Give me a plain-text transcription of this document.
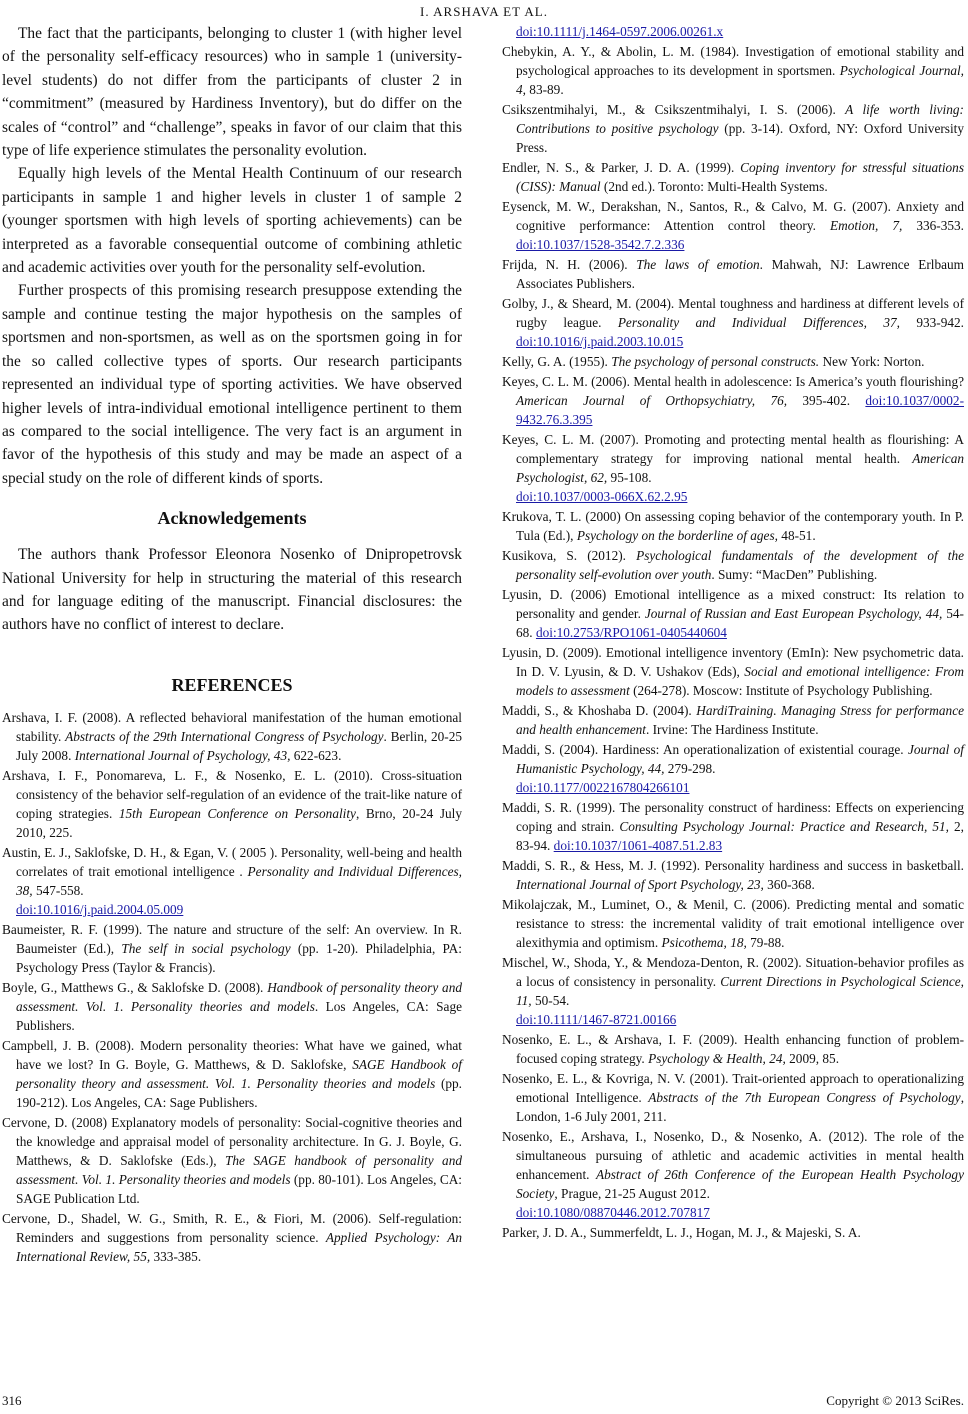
I. ARSHAVA ET AL.

The fact that the participants, belonging to cluster 1 (with higher level of the personality self-efficacy resources) who in sample 1 (university-level students) do not differ from the participants of cluster 2 in “commitment” (measured by Hardiness Inventory), but do differ on the scales of “control” and “challenge”, speaks in favor of our claim that this type of life experience stimulates the personality evolution.

Equally high levels of the Mental Health Continuum of our research participants in sample 1 and higher levels in cluster 1 of sample 2 (younger sportsmen with high levels of sporting achievements) can be interpreted as a favorable consequential outcome of combining athletic and academic activities over youth for the personality self-evolution.

Further prospects of this promising research presuppose extending the sample and continue testing the major hypothesis on the samples of sportsmen and non-sportsmen, as well as on the sportsmen going in for the so called collective types of sports. Our research participants represented an individual type of sporting activities. We have observed higher levels of intra-individual emotional intelligence pertinent to them as compared to the social intelligence. The very fact is an argument in favor of the hypothesis of this study and may be made an aspect of a special study on the role of different kinds of sports.

Acknowledgements

The authors thank Professor Eleonora Nosenko of Dnipropetrovsk National University for help in structuring the material of this research and for language editing of the manuscript. Financial disclosures: the authors have no conflict of interest to declare.

REFERENCES

Arshava, I. F. (2008). A reflected behavioral manifestation of the human emotional stability. Abstracts of the 29th International Congress of Psychology. Berlin, 20-25 July 2008. International Journal of Psychology, 43, 622-623.

Arshava, I. F., Ponomareva, L. F., & Nosenko, E. L. (2010). Cross-situation consistency of the behavior self-regulation of an evidence of the trait-like nature of coping strategies. 15th European Conference on Personality, Brno, 20-24 July 2010, 225.

Austin, E. J., Saklofske, D. H., & Egan, V. ( 2005 ). Personality, well-being and health correlates of trait emotional intelligence . Personality and Individual Differences, 38, 547-558.
doi:10.1016/j.paid.2004.05.009

Baumeister, R. F. (1999). The nature and structure of the self: An overview. In R. Baumeister (Ed.), The self in social psychology (pp. 1-20). Philadelphia, PA: Psychology Press (Taylor & Francis).

Boyle, G., Matthews G., & Saklofske D. (2008). Handbook of personality theory and assessment. Vol. 1. Personality theories and models. Los Angeles, CA: Sage Publishers.

Campbell, J. B. (2008). Modern personality theories: What have we gained, what have we lost? In G. Boyle, G. Matthews, & D. Saklofske, SAGE Handbook of personality theory and assessment. Vol. 1. Personality theories and models (pp. 190-212). Los Angeles, CA: Sage Publishers.

Cervone, D. (2008) Explanatory models of personality: Social-cognitive theories and the knowledge and appraisal model of personality architecture. In G. J. Boyle, G. Matthews, & D. Saklofske (Eds.), The SAGE handbook of personality and assessment. Vol. 1. Personality theories and models (pp. 80-101). Los Angeles, CA: SAGE Publication Ltd.

Cervone, D., Shadel, W. G., Smith, R. E., & Fiori, M. (2006). Self-regulation: Reminders and suggestions from personality science. Applied Psychology: An International Review, 55, 333-385.

doi:10.1111/j.1464-0597.2006.00261.x

Chebykin, A. Y., & Abolin, L. M. (1984). Investigation of emotional stability and psychological approaches to its development in sportsmen. Psychological Journal, 4, 83-89.

Csikszentmihalyi, M., & Csikszentmihalyi, I. S. (2006). A life worth living: Contributions to positive psychology (pp. 3-14). Oxford, NY: Oxford University Press.

Endler, N. S., & Parker, J. D. A. (1999). Coping inventory for stressful situations (CISS): Manual (2nd ed.). Toronto: Multi-Health Systems.

Eysenck, M. W., Derakshan, N., Santos, R., & Calvo, M. G. (2007). Anxiety and cognitive performance: Attention control theory. Emotion, 7, 336-353. doi:10.1037/1528-3542.7.2.336

Frijda, N. H. (2006). The laws of emotion. Mahwah, NJ: Lawrence Erlbaum Associates Publishers.

Golby, J., & Sheard, M. (2004). Mental toughness and hardiness at different levels of rugby league. Personality and Individual Differences, 37, 933-942. doi:10.1016/j.paid.2003.10.015

Kelly, G. A. (1955). The psychology of personal constructs. New York: Norton.

Keyes, C. L. M. (2006). Mental health in adolescence: Is America’s youth flourishing? American Journal of Orthopsychiatry, 76, 395-402. doi:10.1037/0002-9432.76.3.395

Keyes, C. L. M. (2007). Promoting and protecting mental health as flourishing: A complementary strategy for improving national mental health. American Psychologist, 62, 95-108.
doi:10.1037/0003-066X.62.2.95

Krukova, T. L. (2000) On assessing coping behavior of the contemporary youth. In P. Tula (Ed.), Psychology on the borderline of ages, 48-51.

Kusikova, S. (2012). Psychological fundamentals of the development of the personality self-evolution over youth. Sumy: “MacDen” Publishing.

Lyusin, D. (2006) Emotional intelligence as a mixed construct: Its relation to personality and gender. Journal of Russian and East European Psychology, 44, 54-68. doi:10.2753/RPO1061-0405440604

Lyusin, D. (2009). Emotional intelligence inventory (EmIn): New psychometric data. In D. V. Lyusin, & D. V. Ushakov (Eds), Social and emotional intelligence: From models to assessment (264-278). Moscow: Institute of Psychology Publishing.

Maddi, S., & Khoshaba D. (2004). HardiTraining. Managing Stress for performance and health enhancement. Irvine: The Hardiness Institute.

Maddi, S. (2004). Hardiness: An operationalization of existential courage. Journal of Humanistic Psychology, 44, 279-298.
doi:10.1177/0022167804266101

Maddi, S. R. (1999). The personality construct of hardiness: Effects on experiencing coping and strain. Consulting Psychology Journal: Practice and Research, 51, 2, 83-94. doi:10.1037/1061-4087.51.2.83

Maddi, S. R., & Hess, M. J. (1992). Personality hardiness and success in basketball. International Journal of Sport Psychology, 23, 360-368.

Mikolajczak, M., Luminet, O., & Menil, C. (2006). Predicting mental and somatic resistance to stress: the incremental validity of trait emotional intelligence over alexithymia and optimism. Psicothema, 18, 79-88.

Mischel, W., Shoda, Y., & Mendoza-Denton, R. (2002). Situation-behavior profiles as a locus of consistency in personality. Current Directions in Psychological Science, 11, 50-54.
doi:10.1111/1467-8721.00166

Nosenko, E. L., & Arshava, I. F. (2009). Health enhancing function of problem-focused coping strategy. Psychology & Health, 24, 2009, 85.

Nosenko, E. L., & Kovriga, N. V. (2001). Trait-oriented approach to operationalizing emotional Intelligence. Abstracts of the 7th European Congress of Psychology, London, 1-6 July 2001, 211.

Nosenko, E., Arshava, I., Nosenko, D., & Nosenko, A. (2012). The role of the simultaneous pursuing of athletic and academic activities in mental health enhancement. Abstract of 26th Conference of the European Health Psychology Society, Prague, 21-25 August 2012.
doi:10.1080/08870446.2012.707817

Parker, J. D. A., Summerfeldt, L. J., Hogan, M. J., & Majeski, S. A.

316	Copyright © 2013 SciRes.
